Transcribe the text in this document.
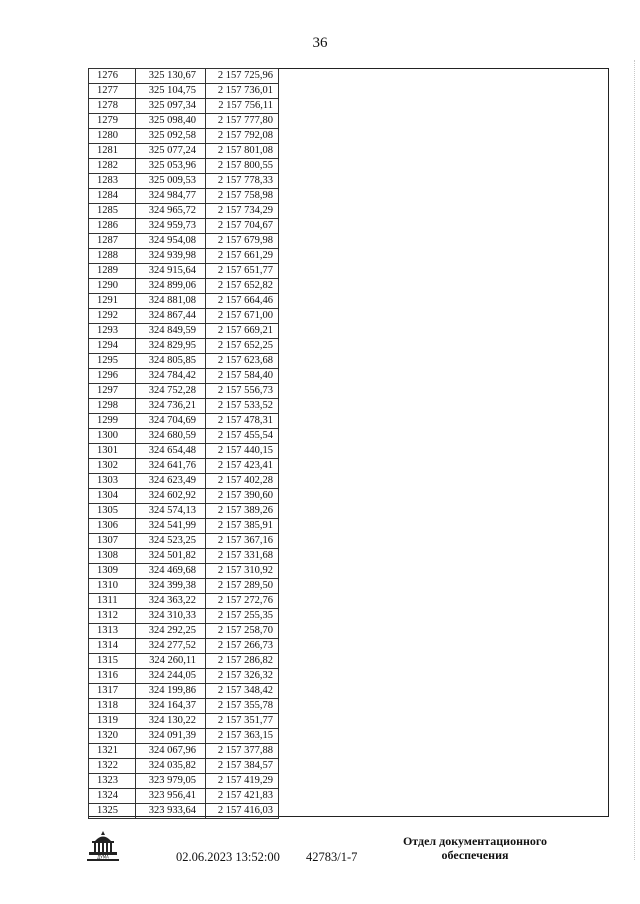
36
1276	325 130,67	2 157 725,96
1277	325 104,75	2 157 736,01
1278	325 097,34	2 157 756,11
1279	325 098,40	2 157 777,80
1280	325 092,58	2 157 792,08
1281	325 077,24	2 157 801,08
1282	325 053,96	2 157 800,55
1283	325 009,53	2 157 778,33
1284	324 984,77	2 157 758,98
1285	324 965,72	2 157 734,29
1286	324 959,73	2 157 704,67
1287	324 954,08	2 157 679,98
1288	324 939,98	2 157 661,29
1289	324 915,64	2 157 651,77
1290	324 899,06	2 157 652,82
1291	324 881,08	2 157 664,46
1292	324 867,44	2 157 671,00
1293	324 849,59	2 157 669,21
1294	324 829,95	2 157 652,25
1295	324 805,85	2 157 623,68
1296	324 784,42	2 157 584,40
1297	324 752,28	2 157 556,73
1298	324 736,21	2 157 533,52
1299	324 704,69	2 157 478,31
1300	324 680,59	2 157 455,54
1301	324 654,48	2 157 440,15
1302	324 641,76	2 157 423,41
1303	324 623,49	2 157 402,28
1304	324 602,92	2 157 390,60
1305	324 574,13	2 157 389,26
1306	324 541,99	2 157 385,91
1307	324 523,25	2 157 367,16
1308	324 501,82	2 157 331,68
1309	324 469,68	2 157 310,92
1310	324 399,38	2 157 289,50
1311	324 363,22	2 157 272,76
1312	324 310,33	2 157 255,35
1313	324 292,25	2 157 258,70
1314	324 277,52	2 157 266,73
1315	324 260,11	2 157 286,82
1316	324 244,05	2 157 326,32
1317	324 199,86	2 157 348,42
1318	324 164,37	2 157 355,78
1319	324 130,22	2 157 351,77
1320	324 091,39	2 157 363,15
1321	324 067,96	2 157 377,88
1322	324 035,82	2 157 384,57
1323	323 979,05	2 157 419,29
1324	323 956,41	2 157 421,83
1325	323 933,64	2 157 416,03
ДУМА	02.06.2023 13:52:00 42783/1-7
Отдел документационного
обеспечения
